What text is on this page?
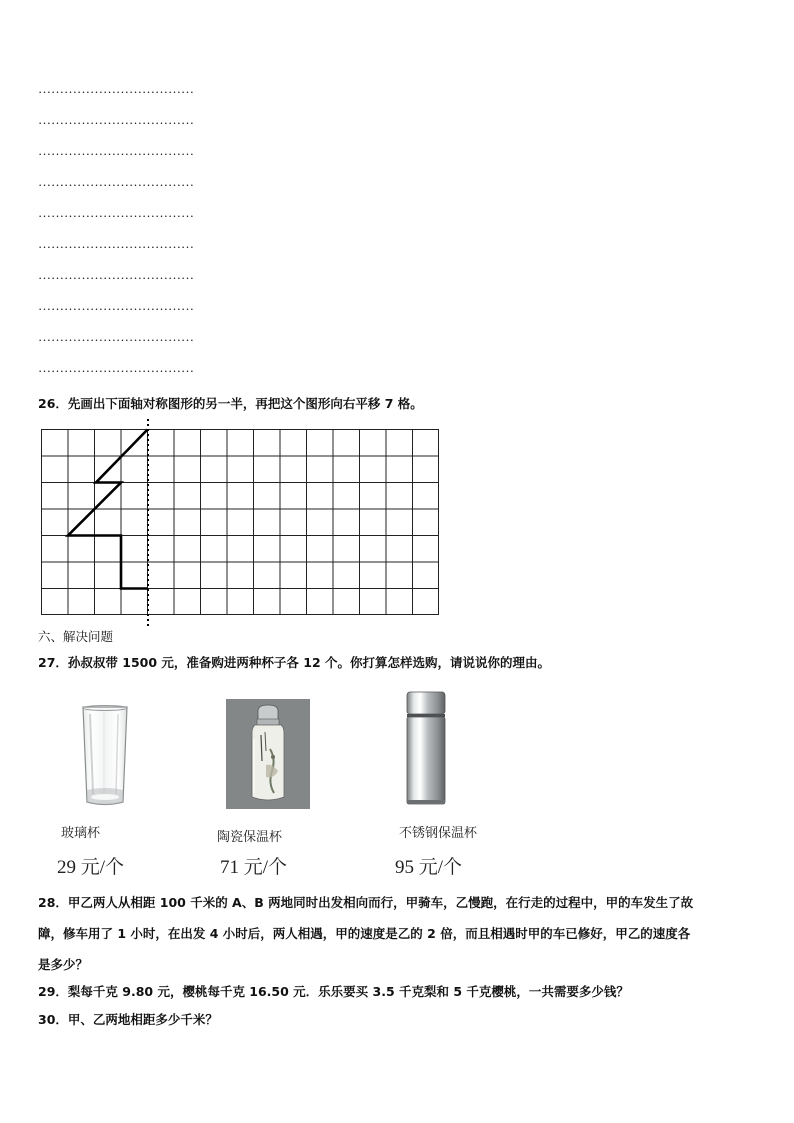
………………………………
………………………………
………………………………
………………………………
………………………………
………………………………
………………………………
………………………………
………………………………
………………………………
26．先画出下面轴对称图形的另一半，再把这个图形向右平移 7 格。
六、解决问题
27．孙叔叔带 1500 元，准备购进两种杯子各 12 个。你打算怎样选购，请说说你的理由。
玻璃杯
29 元/个
陶瓷保温杯
71 元/个
不锈钢保温杯
95 元/个
28．甲乙两人从相距 100 千米的 A、B 两地同时出发相向而行，甲骑车，乙慢跑，在行走的过程中，甲的车发生了故
障，修车用了 1 小时，在出发 4 小时后，两人相遇，甲的速度是乙的 2 倍，而且相遇时甲的车已修好，甲乙的速度各
是多少？
29．梨每千克 9.80 元，樱桃每千克 16.50 元．乐乐要买 3.5 千克梨和 5 千克樱桃，一共需要多少钱？
30．甲、乙两地相距多少千米？
